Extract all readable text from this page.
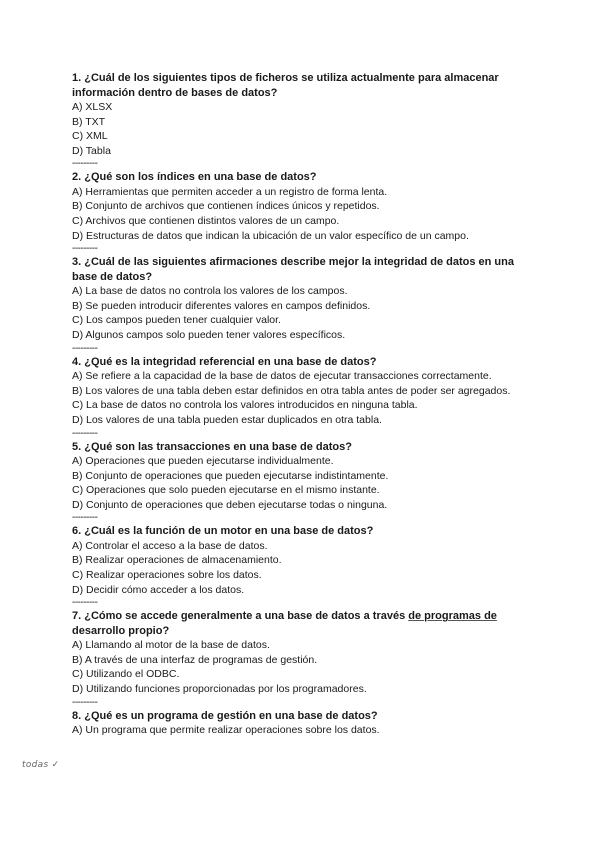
1. ¿Cuál de los siguientes tipos de ficheros se utiliza actualmente para almacenar información dentro de bases de datos?
A) XLSX
B) TXT
C) XML
D) Tabla
---------
2. ¿Qué son los índices en una base de datos?
A) Herramientas que permiten acceder a un registro de forma lenta.
B) Conjunto de archivos que contienen índices únicos y repetidos.
C) Archivos que contienen distintos valores de un campo.
D) Estructuras de datos que indican la ubicación de un valor específico de un campo.
---------
3. ¿Cuál de las siguientes afirmaciones describe mejor la integridad de datos en una base de datos?
A) La base de datos no controla los valores de los campos.
B) Se pueden introducir diferentes valores en campos definidos.
C) Los campos pueden tener cualquier valor.
D) Algunos campos solo pueden tener valores específicos.
---------
4. ¿Qué es la integridad referencial en una base de datos?
A) Se refiere a la capacidad de la base de datos de ejecutar transacciones correctamente.
B) Los valores de una tabla deben estar definidos en otra tabla antes de poder ser agregados.
C) La base de datos no controla los valores introducidos en ninguna tabla.
D) Los valores de una tabla pueden estar duplicados en otra tabla.
---------
5. ¿Qué son las transacciones en una base de datos?
A) Operaciones que pueden ejecutarse individualmente.
B) Conjunto de operaciones que pueden ejecutarse indistintamente.
C) Operaciones que solo pueden ejecutarse en el mismo instante.
D) Conjunto de operaciones que deben ejecutarse todas o ninguna.
---------
6. ¿Cuál es la función de un motor en una base de datos?
A) Controlar el acceso a la base de datos.
B) Realizar operaciones de almacenamiento.
C) Realizar operaciones sobre los datos.
D) Decidir cómo acceder a los datos.
---------
7. ¿Cómo se accede generalmente a una base de datos a través de programas de desarrollo propio?
A) Llamando al motor de la base de datos.
B) A través de una interfaz de programas de gestión.
C) Utilizando el ODBC.
D) Utilizando funciones proporcionadas por los programadores.
---------
8. ¿Qué es un programa de gestión en una base de datos?
A) Un programa que permite realizar operaciones sobre los datos.
todas ✓
